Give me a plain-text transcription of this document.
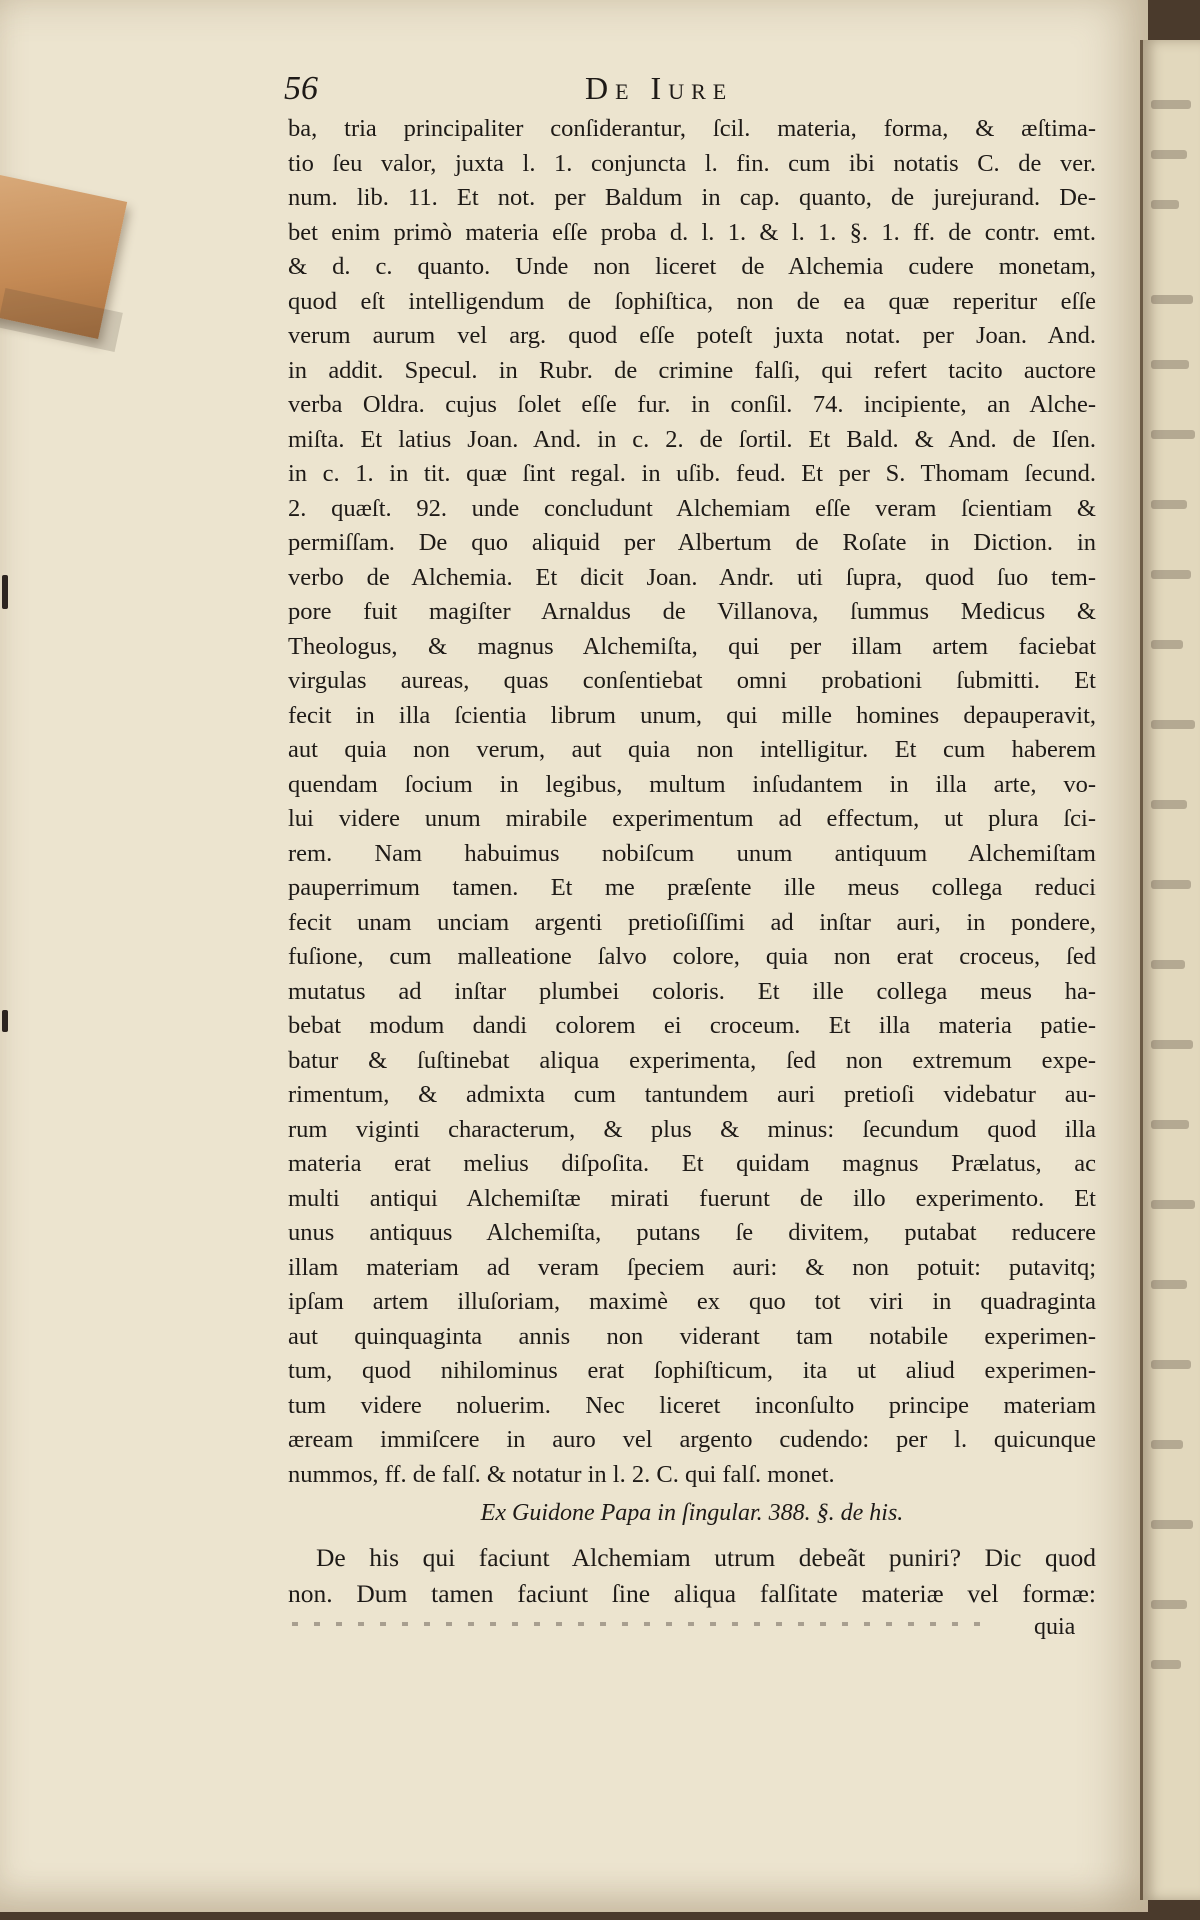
56	De Iure
ba, tria principaliter conſiderantur, ſcil. materia, forma, & æſtima-
tio ſeu valor, juxta l. 1. conjuncta l. fin. cum ibi notatis C. de ver.
num. lib. 11. Et not. per Baldum in cap. quanto, de jurejurand. De-
bet enim primò materia eſſe proba d. l. 1. & l. 1. §. 1. ff. de contr. emt.
& d. c. quanto. Unde non liceret de Alchemia cudere monetam,
quod eſt intelligendum de ſophiſtica, non de ea quæ reperitur eſſe
verum aurum vel arg. quod eſſe poteſt juxta notat. per Joan. And.
in addit. Specul. in Rubr. de crimine falſi, qui refert tacito auctore
verba Oldra. cujus ſolet eſſe fur. in conſil. 74. incipiente, an Alche-
miſta. Et latius Joan. And. in c. 2. de ſortil. Et Bald. & And. de Iſen.
in c. 1. in tit. quæ ſint regal. in uſib. feud. Et per S. Thomam ſecund.
2. quæſt. 92. unde concludunt Alchemiam eſſe veram ſcientiam &
permiſſam. De quo aliquid per Albertum de Roſate in Diction. in
verbo de Alchemia. Et dicit Joan. Andr. uti ſupra, quod ſuo tem-
pore fuit magiſter Arnaldus de Villanova, ſummus Medicus &
Theologus, & magnus Alchemiſta, qui per illam artem faciebat
virgulas aureas, quas conſentiebat omni probationi ſubmitti. Et
fecit in illa ſcientia librum unum, qui mille homines depauperavit,
aut quia non verum, aut quia non intelligitur. Et cum haberem
quendam ſocium in legibus, multum inſudantem in illa arte, vo-
lui videre unum mirabile experimentum ad effectum, ut plura ſci-
rem. Nam habuimus nobiſcum unum antiquum Alchemiſtam
pauperrimum tamen. Et me præſente ille meus collega reduci
fecit unam unciam argenti pretioſiſſimi ad inſtar auri, in pondere,
fuſione, cum malleatione ſalvo colore, quia non erat croceus, ſed
mutatus ad inſtar plumbei coloris. Et ille collega meus ha-
bebat modum dandi colorem ei croceum. Et illa materia patie-
batur & ſuſtinebat aliqua experimenta, ſed non extremum expe-
rimentum, & admixta cum tantundem auri pretioſi videbatur au-
rum viginti characterum, & plus & minus: ſecundum quod illa
materia erat melius diſpoſita. Et quidam magnus Prælatus, ac
multi antiqui Alchemiſtæ mirati fuerunt de illo experimento. Et
unus antiquus Alchemiſta, putans ſe divitem, putabat reducere
illam materiam ad veram ſpeciem auri: & non potuit: putavitq;
ipſam artem illuſoriam, maximè ex quo tot viri in quadraginta
aut quinquaginta annis non viderant tam notabile experimen-
tum, quod nihilominus erat ſophiſticum, ita ut aliud experimen-
tum videre noluerim. Nec liceret inconſulto principe materiam
æream immiſcere in auro vel argento cudendo: per l. quicunque
nummos, ff. de falſ. & notatur in l. 2. C. qui falſ. monet.
Ex Guidone Papa in ſingular. 388. §. de his.
De his qui faciunt Alchemiam utrum debeãt puniri? Dic quod
non. Dum tamen faciunt ſine aliqua falſitate materiæ vel formæ:
quia
